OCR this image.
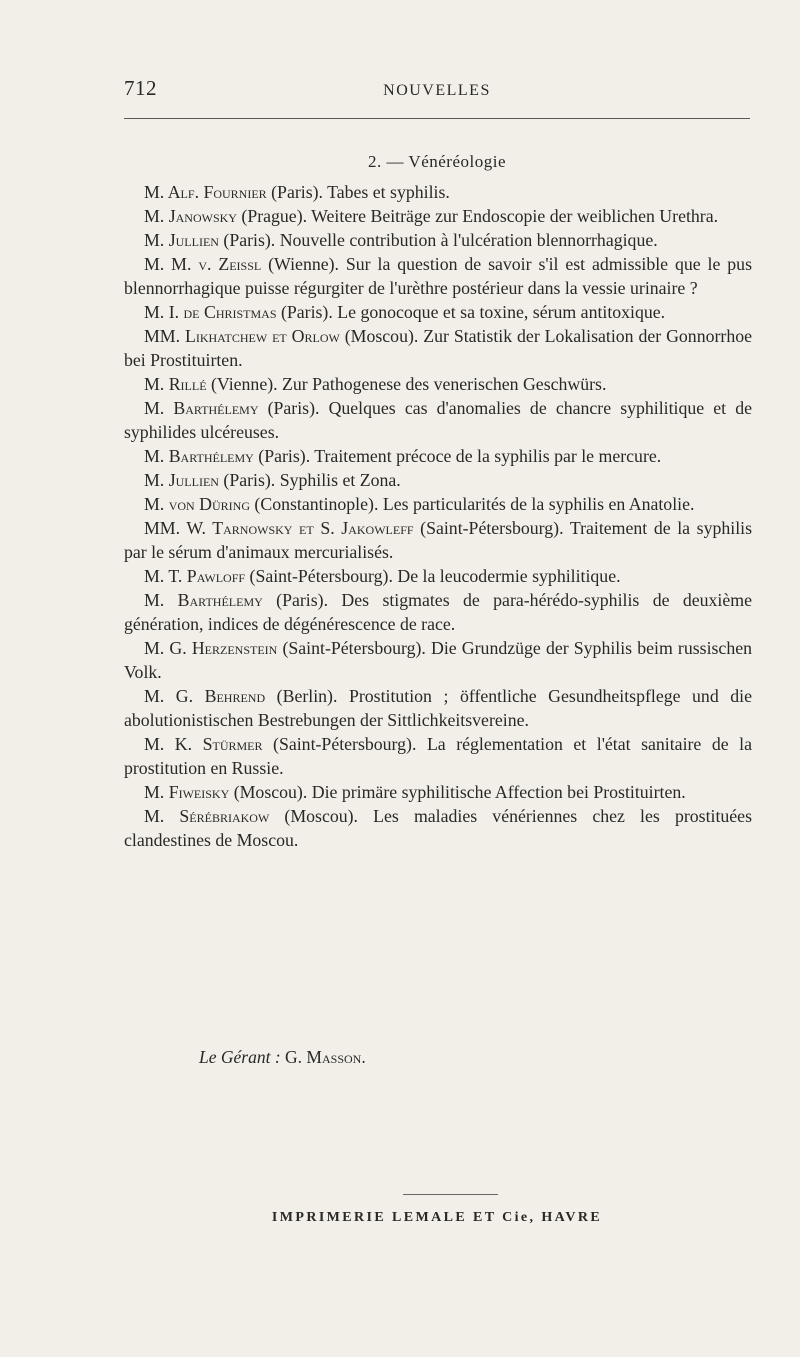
712	NOUVELLES
2. — Vénéréologie

M. Alf. Fournier (Paris). Tabes et syphilis.

M. Janowsky (Prague). Weitere Beiträge zur Endoscopie der weiblichen Urethra.

M. Jullien (Paris). Nouvelle contribution à l'ulcération blennorrhagique.

M. M. v. Zeissl (Wienne). Sur la question de savoir s'il est admissible que le pus blennorrhagique puisse régurgiter de l'urèthre postérieur dans la vessie urinaire ?

M. I. de Christmas (Paris). Le gonocoque et sa toxine, sérum antitoxique.

MM. Likhatchew et Orlow (Moscou). Zur Statistik der Lokalisation der Gonnorrhoe bei Prostituirten.

M. Rillé (Vienne). Zur Pathogenese des venerischen Geschwürs.

M. Barthélemy (Paris). Quelques cas d'anomalies de chancre syphilitique et de syphilides ulcéreuses.

M. Barthélemy (Paris). Traitement précoce de la syphilis par le mercure.

M. Jullien (Paris). Syphilis et Zona.

M. von Düring (Constantinople). Les particularités de la syphilis en Anatolie.

MM. W. Tarnowsky et S. Jakowleff (Saint-Pétersbourg). Traitement de la syphilis par le sérum d'animaux mercurialisés.

M. T. Pawloff (Saint-Pétersbourg). De la leucodermie syphilitique.

M. Barthélemy (Paris). Des stigmates de para-hérédo-syphilis de deuxième génération, indices de dégénérescence de race.

M. G. Herzenstein (Saint-Pétersbourg). Die Grundzüge der Syphilis beim russischen Volk.

M. G. Behrend (Berlin). Prostitution ; öffentliche Gesundheitspflege und die abolutionistischen Bestrebungen der Sittlichkeitsvereine.

M. K. Stürmer (Saint-Pétersbourg). La réglementation et l'état sanitaire de la prostitution en Russie.

M. Fiweisky (Moscou). Die primäre syphilitische Affection bei Prostituirten.

M. Sérébriakow (Moscou). Les maladies vénériennes chez les prostituées clandestines de Moscou.

Le Gérant : G. Masson.
IMPRIMERIE LEMALE ET Cie, HAVRE
